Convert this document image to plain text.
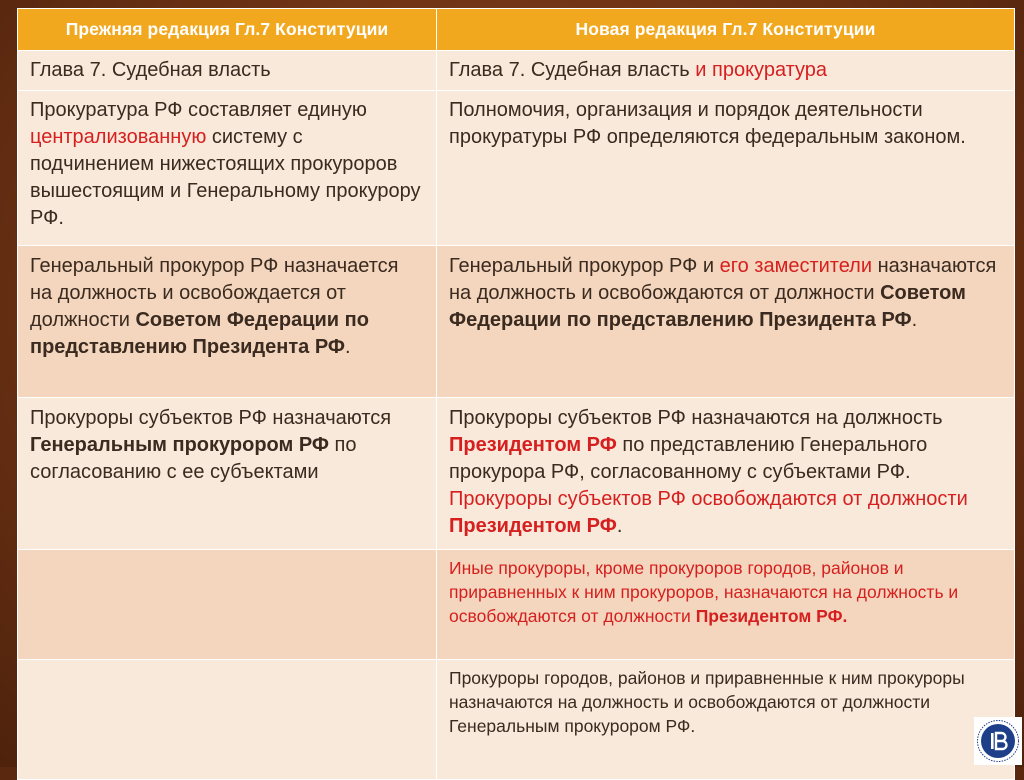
Прежняя редакция Гл.7 Конституции	Новая редакция Гл.7 Конституции
Глава 7. Судебная власть	Глава 7. Судебная власть и прокуратура
Прокуратура РФ составляет единую централизованную систему с подчинением нижестоящих прокуроров вышестоящим и Генеральному прокурору РФ.	Полномочия, организация и порядок деятельности прокуратуры РФ определяются федеральным законом.
Генеральный прокурор РФ назначается на должность и освобождается от должности Советом Федерации по представлению Президента РФ.	Генеральный прокурор РФ и его заместители назначаются на должность и освобождаются от должности Советом Федерации по представлению Президента РФ.
Прокуроры субъектов РФ назначаются Генеральным прокурором РФ по согласованию с ее субъектами	Прокуроры субъектов РФ назначаются на должность Президентом РФ по представлению Генерального прокурора РФ, согласованному с субъектами РФ. Прокуроры субъектов РФ освобождаются от должности Президентом РФ.
	Иные прокуроры, кроме прокуроров городов, районов и приравненных к ним прокуроров, назначаются на должность и освобождаются от должности Президентом РФ.
	Прокуроры городов, районов и приравненные к ним прокуроры назначаются на должность и освобождаются от должности Генеральным прокурором РФ.
